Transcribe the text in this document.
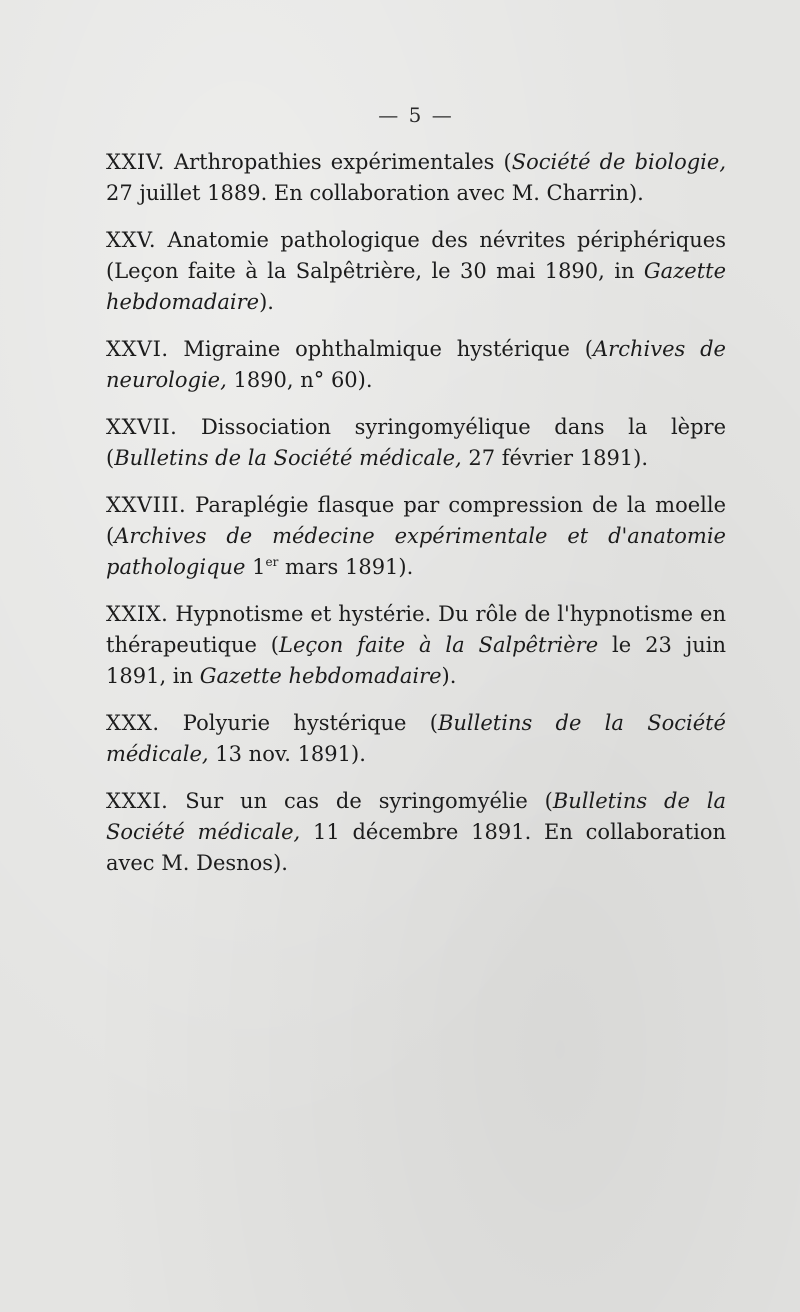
— 5 —

XXIV. Arthropathies expérimentales (Société de biologie, 27 juillet 1889. En collaboration avec M. Charrin).

XXV. Anatomie pathologique des névrites périphériques (Leçon faite à la Salpêtrière, le 30 mai 1890, in Gazette hebdomadaire).

XXVI. Migraine ophthalmique hystérique (Archives de neurologie, 1890, n° 60).

XXVII. Dissociation syringomyélique dans la lèpre (Bulletins de la Société médicale, 27 février 1891).

XXVIII. Paraplégie flasque par compression de la moelle (Archives de médecine expérimentale et d'anatomie pathologique 1er mars 1891).

XXIX. Hypnotisme et hystérie. Du rôle de l'hypnotisme en thérapeutique (Leçon faite à la Salpêtrière le 23 juin 1891, in Gazette hebdomadaire).

XXX. Polyurie hystérique (Bulletins de la Société médicale, 13 nov. 1891).

XXXI. Sur un cas de syringomyélie (Bulletins de la Société médicale, 11 décembre 1891. En collaboration avec M. Desnos).
